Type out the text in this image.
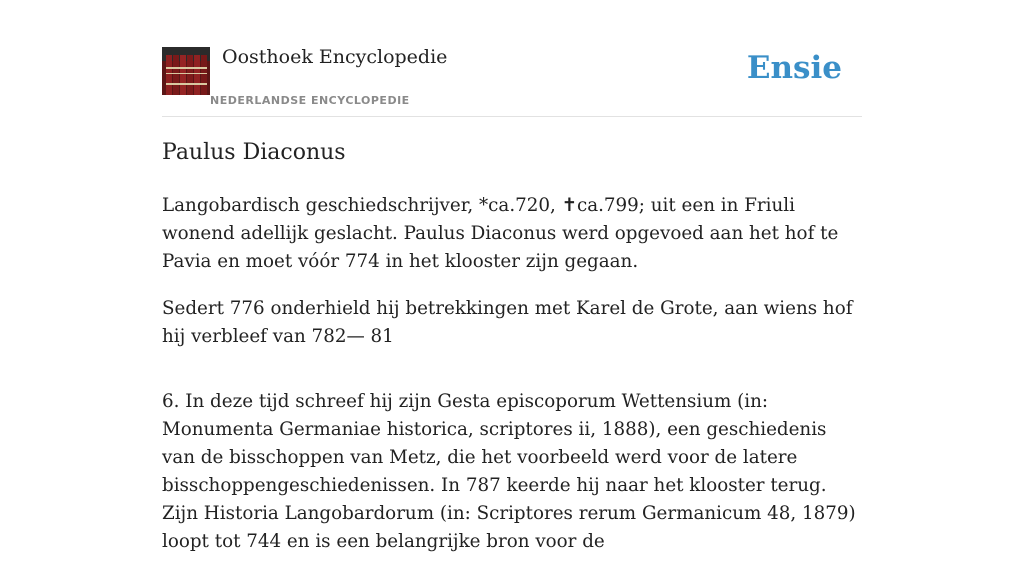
Oosthoek Encyclopedie
NEDERLANDSE ENCYCLOPEDIE
Ensie
Paulus Diaconus

Langobardisch geschiedschrijver, *ca.720, ✝ca.799; uit een in Friuli wonend adellijk geslacht. Paulus Diaconus werd opgevoed aan het hof te Pavia en moet vóór 774 in het klooster zijn gegaan.

Sedert 776 onderhield hij betrekkingen met Karel de Grote, aan wiens hof hij verbleef van 782— 81

6. In deze tijd schreef hij zijn Gesta episcoporum Wettensium (in: Monumenta Germaniae historica, scriptores ii, 1888), een geschiedenis van de bisschoppen van Metz, die het voorbeeld werd voor de latere bisschoppengeschiedenissen. In 787 keerde hij naar het klooster terug. Zijn Historia Langobardorum (in: Scriptores rerum Germanicum 48, 1879) loopt tot 744 en is een belangrijke bron voor de
